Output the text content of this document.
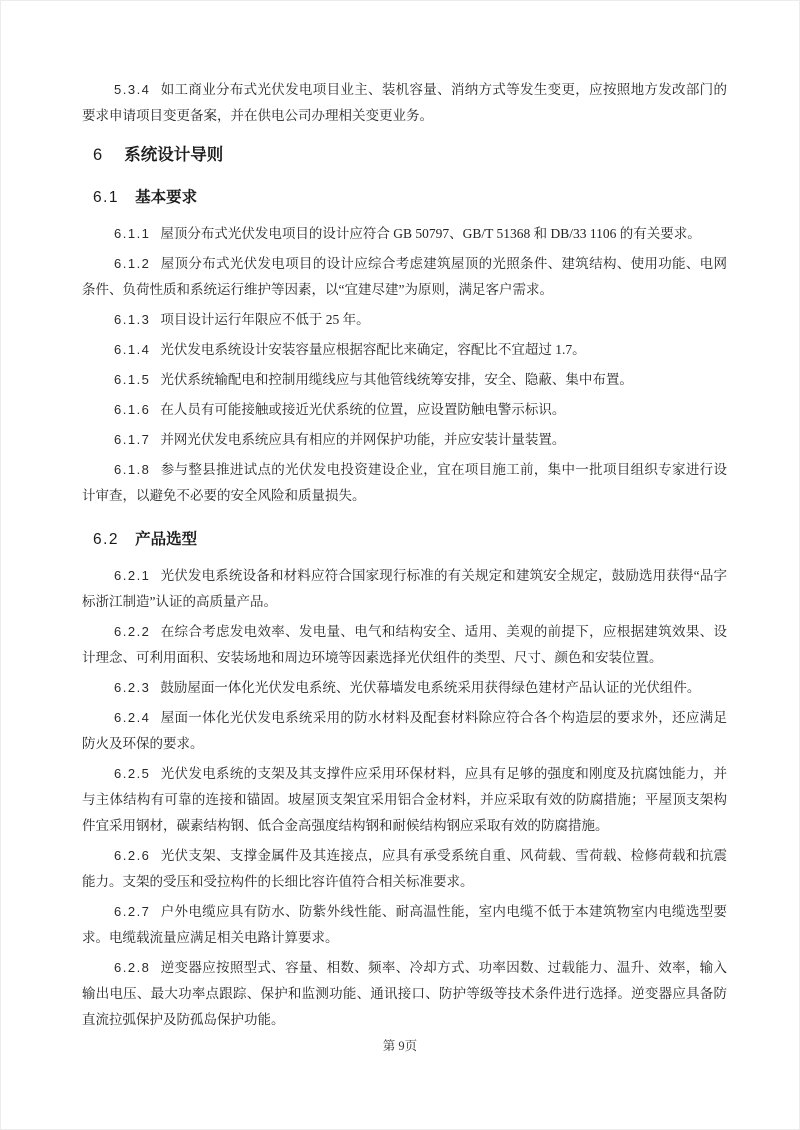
5.3.4 如工商业分布式光伏发电项目业主、装机容量、消纳方式等发生变更，应按照地方发改部门的要求申请项目变更备案，并在供电公司办理相关变更业务。

6 系统设计导则
6.1 基本要求

6.1.1 屋顶分布式光伏发电项目的设计应符合 GB 50797、GB/T 51368 和 DB/33 1106 的有关要求。

6.1.2 屋顶分布式光伏发电项目的设计应综合考虑建筑屋顶的光照条件、建筑结构、使用功能、电网条件、负荷性质和系统运行维护等因素，以“宜建尽建”为原则，满足客户需求。

6.1.3 项目设计运行年限应不低于 25 年。

6.1.4 光伏发电系统设计安装容量应根据容配比来确定，容配比不宜超过 1.7。

6.1.5 光伏系统输配电和控制用缆线应与其他管线统筹安排，安全、隐蔽、集中布置。

6.1.6 在人员有可能接触或接近光伏系统的位置，应设置防触电警示标识。

6.1.7 并网光伏发电系统应具有相应的并网保护功能，并应安装计量装置。

6.1.8 参与整县推进试点的光伏发电投资建设企业，宜在项目施工前，集中一批项目组织专家进行设计审查，以避免不必要的安全风险和质量损失。

6.2 产品选型

6.2.1 光伏发电系统设备和材料应符合国家现行标准的有关规定和建筑安全规定，鼓励选用获得“品字标浙江制造”认证的高质量产品。

6.2.2 在综合考虑发电效率、发电量、电气和结构安全、适用、美观的前提下，应根据建筑效果、设计理念、可利用面积、安装场地和周边环境等因素选择光伏组件的类型、尺寸、颜色和安装位置。

6.2.3 鼓励屋面一体化光伏发电系统、光伏幕墙发电系统采用获得绿色建材产品认证的光伏组件。

6.2.4 屋面一体化光伏发电系统采用的防水材料及配套材料除应符合各个构造层的要求外，还应满足防火及环保的要求。

6.2.5 光伏发电系统的支架及其支撑件应采用环保材料，应具有足够的强度和刚度及抗腐蚀能力，并与主体结构有可靠的连接和锚固。坡屋顶支架宜采用铝合金材料，并应采取有效的防腐措施；平屋顶支架构件宜采用钢材，碳素结构钢、低合金高强度结构钢和耐候结构钢应采取有效的防腐措施。

6.2.6 光伏支架、支撑金属件及其连接点，应具有承受系统自重、风荷载、雪荷载、检修荷载和抗震能力。支架的受压和受拉构件的长细比容许值符合相关标准要求。

6.2.7 户外电缆应具有防水、防紫外线性能、耐高温性能，室内电缆不低于本建筑物室内电缆选型要求。电缆载流量应满足相关电路计算要求。

6.2.8 逆变器应按照型式、容量、相数、频率、冷却方式、功率因数、过载能力、温升、效率，输入输出电压、最大功率点跟踪、保护和监测功能、通讯接口、防护等级等技术条件进行选择。逆变器应具备防直流拉弧保护及防孤岛保护功能。

第 9页
